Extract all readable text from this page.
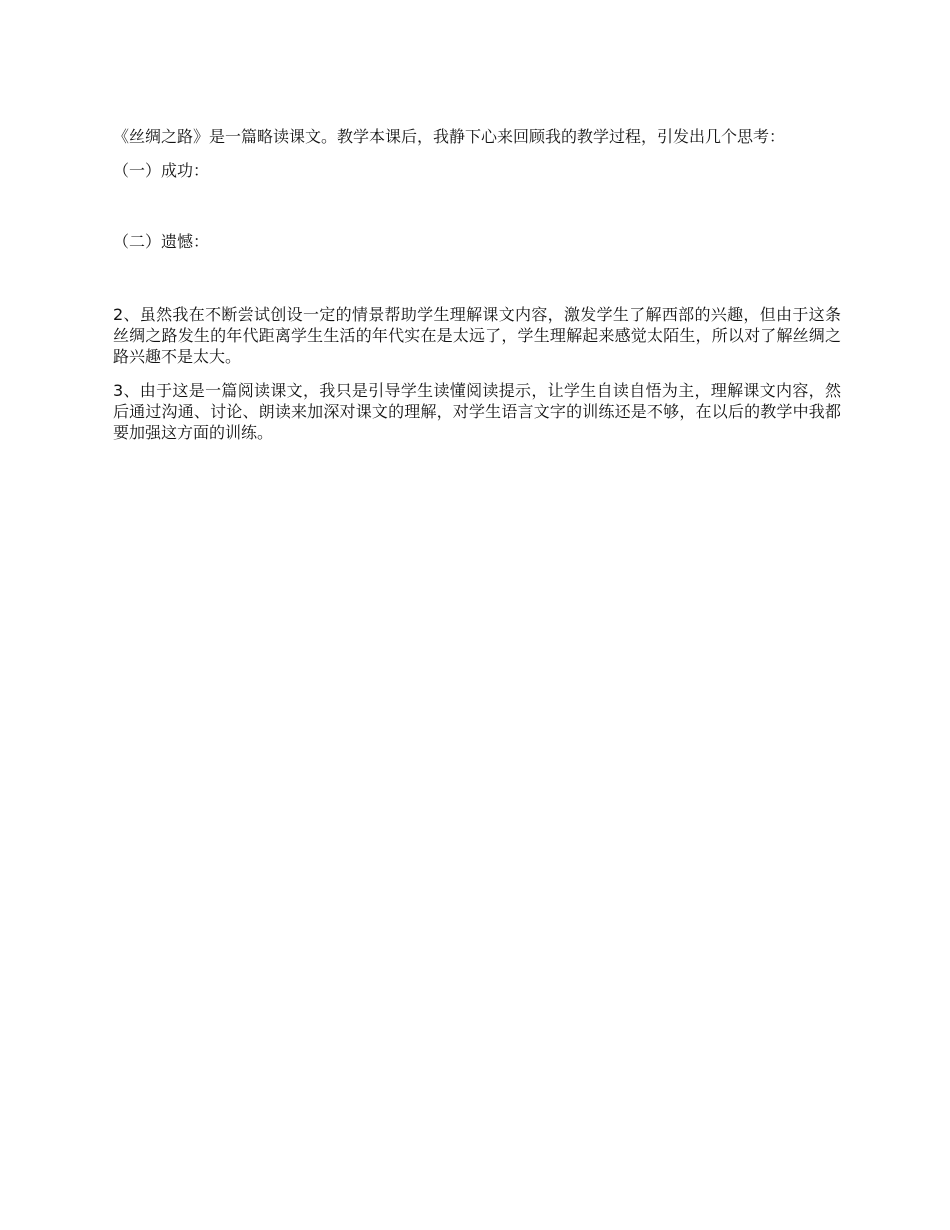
《丝绸之路》是一篇略读课文。教学本课后，我静下心来回顾我的教学过程，引发出几个思考：

（一）成功：

（二）遗憾：

2、虽然我在不断尝试创设一定的情景帮助学生理解课文内容，激发学生了解西部的兴趣，但由于这条丝绸之路发生的年代距离学生生活的年代实在是太远了，学生理解起来感觉太陌生，所以对了解丝绸之路兴趣不是太大。

3、由于这是一篇阅读课文，我只是引导学生读懂阅读提示，让学生自读自悟为主，理解课文内容，然后通过沟通、讨论、朗读来加深对课文的理解，对学生语言文字的训练还是不够，在以后的教学中我都要加强这方面的训练。
